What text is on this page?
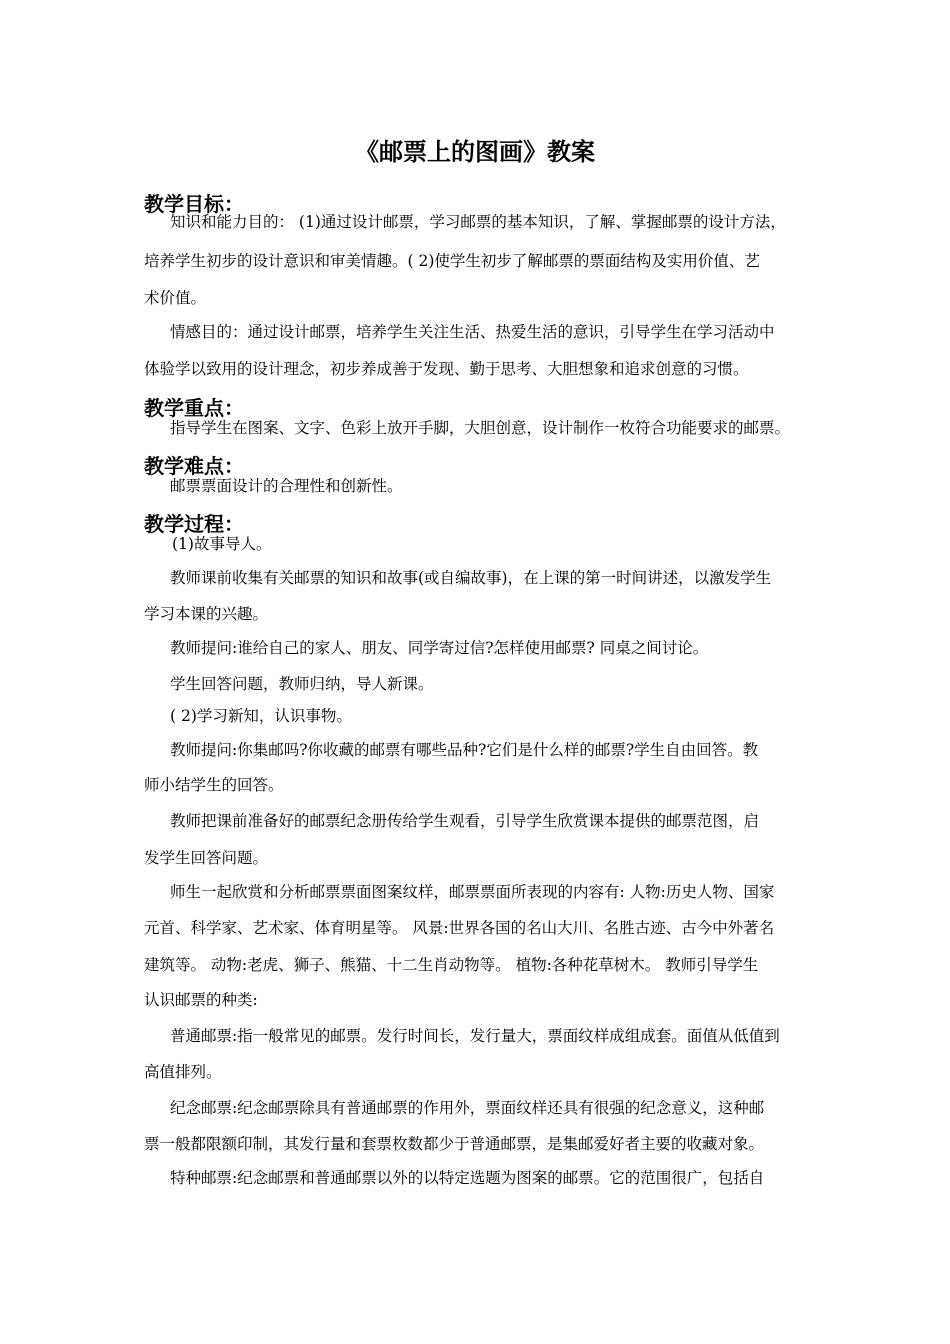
《邮票上的图画》教案
教学目标：
知识和能力目的： (1)通过设计邮票，学习邮票的基本知识，了解、掌握邮票的设计方法，
培养学生初步的设计意识和审美情趣。( 2)使学生初步了解邮票的票面结构及实用价值、艺
术价值。
情感目的：通过设计邮票，培养学生关注生活、热爱生活的意识，引导学生在学习活动中
体验学以致用的设计理念，初步养成善于发现、勤于思考、大胆想象和追求创意的习惯。
教学重点：
指导学生在图案、文字、色彩上放开手脚，大胆创意，设计制作一枚符合功能要求的邮票。
教学难点：
邮票票面设计的合理性和创新性。
教学过程：
(1)故事导人。
教师课前收集有关邮票的知识和故事(或自编故事)，在上课的第一时间讲述，以激发学生
学习本课的兴趣。
教师提问:谁给自己的家人、朋友、同学寄过信?怎样使用邮票? 同桌之间讨论。
学生回答问题，教师归纳，导人新课。
( 2)学习新知，认识事物。
教师提问:你集邮吗?你收藏的邮票有哪些品种?它们是什么样的邮票?学生自由回答。教
师小结学生的回答。
教师把课前准备好的邮票纪念册传给学生观看，引导学生欣赏课本提供的邮票范图，启
发学生回答问题。
师生一起欣赏和分析邮票票面图案纹样，邮票票面所表现的内容有: 人物:历史人物、国家
元首、科学家、艺术家、体育明星等。 风景:世界各国的名山大川、名胜古迹、古今中外著名
建筑等。 动物:老虎、狮子、熊猫、十二生肖动物等。 植物:各种花草树木。 教师引导学生
认识邮票的种类:
普通邮票:指一般常见的邮票。发行时间长，发行量大，票面纹样成组成套。面值从低值到
高值排列。
纪念邮票:纪念邮票除具有普通邮票的作用外，票面纹样还具有很强的纪念意义，这种邮
票一般都限额印制，其发行量和套票枚数都少于普通邮票，是集邮爱好者主要的收藏对象。
特种邮票:纪念邮票和普通邮票以外的以特定选题为图案的邮票。它的范围很广，包括自
